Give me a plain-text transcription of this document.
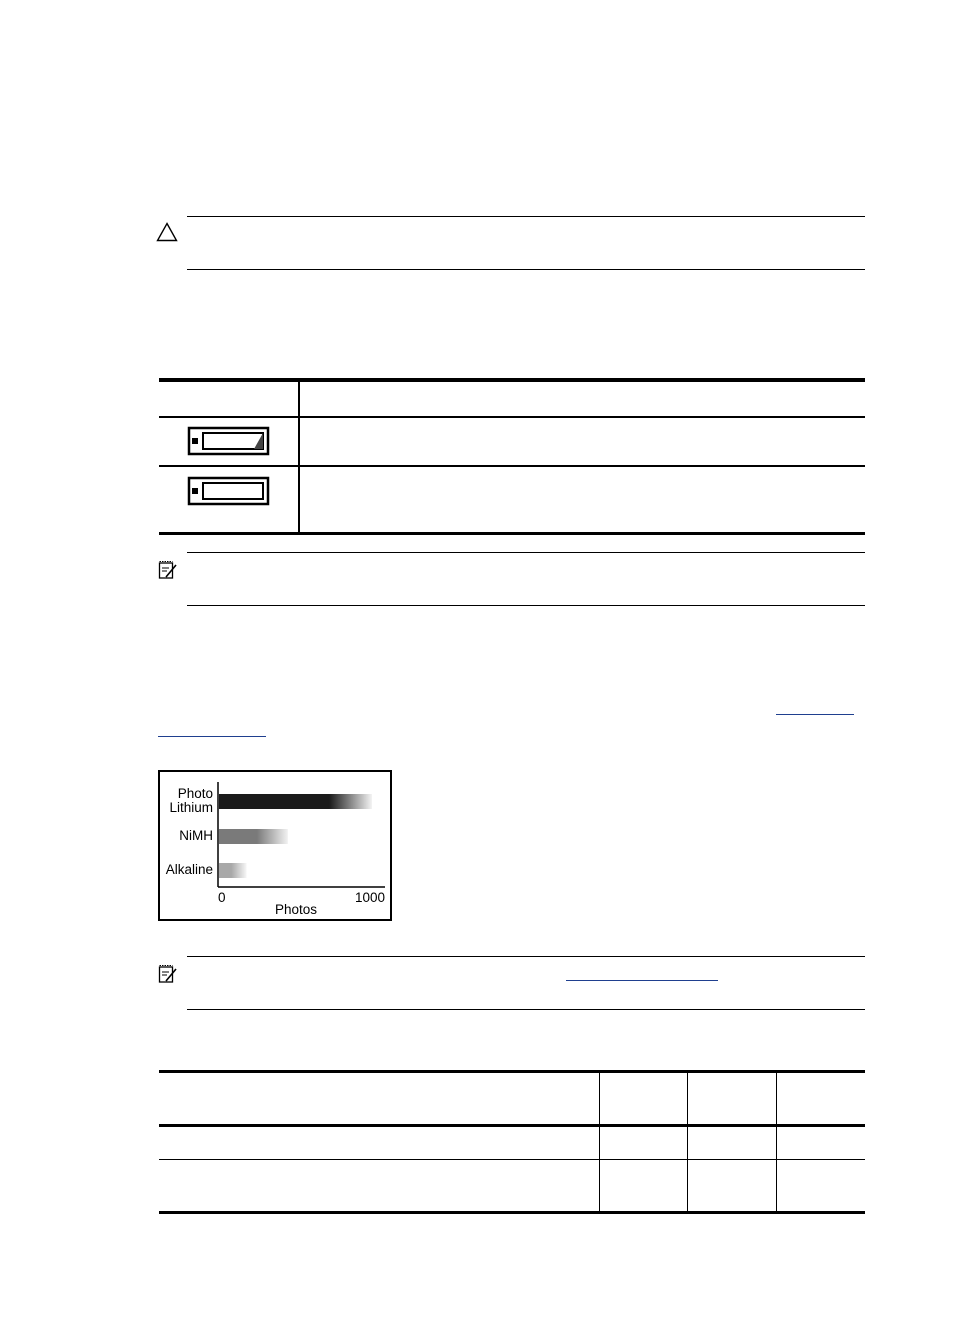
Photo
Lithium
NiMH
Alkaline
0	1000
Photos
